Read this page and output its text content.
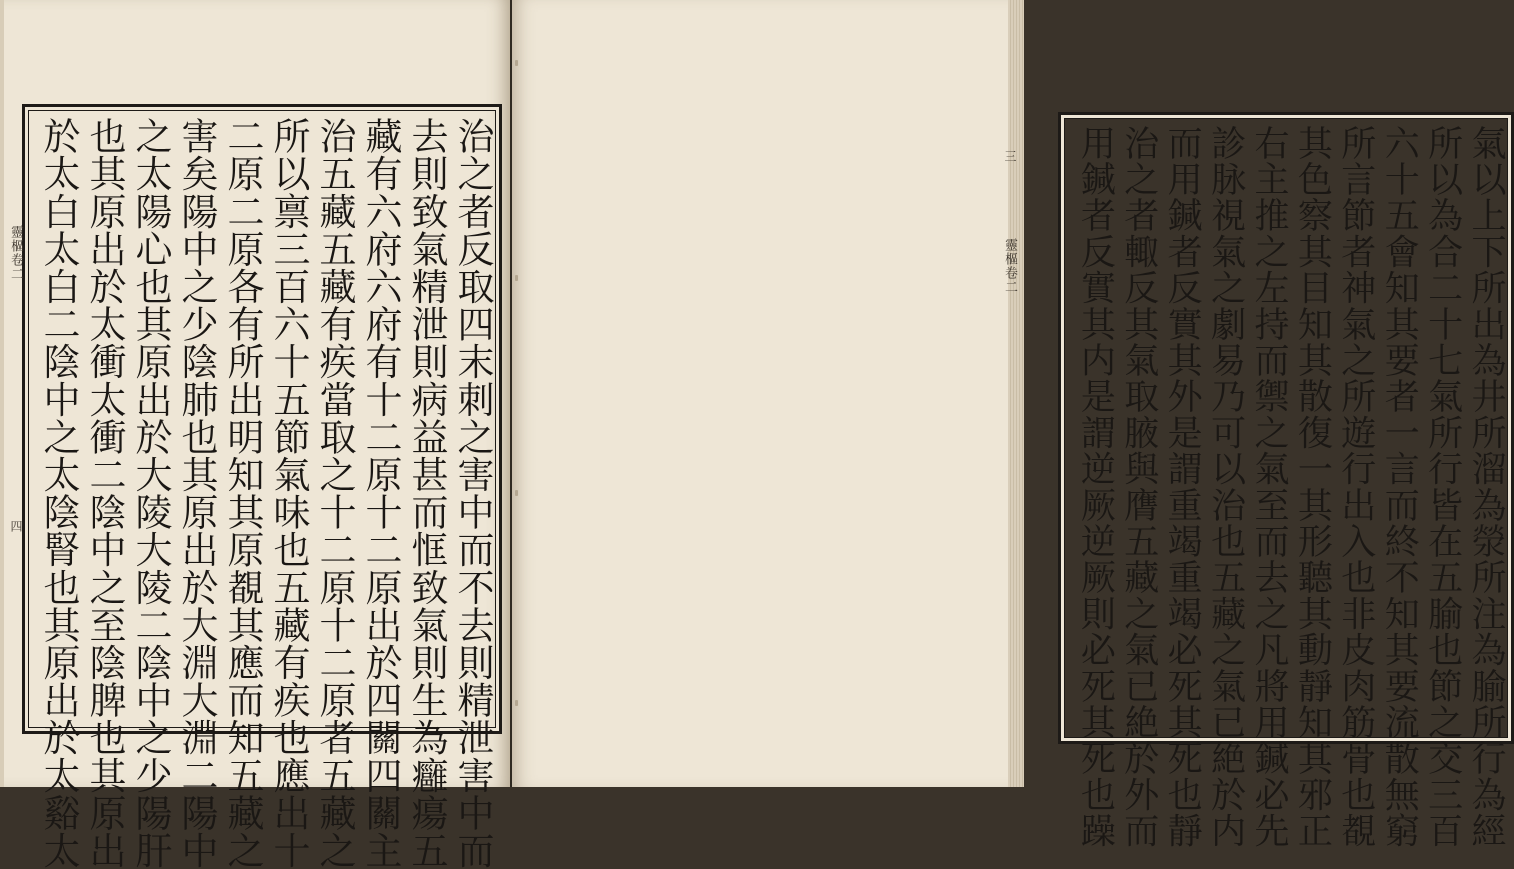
治之者反取四末刺之害中而不去則精泄害中而
去則致氣精泄則病益甚而恇致氣則生為癰瘍五
藏有六府六府有十二原十二原出於四關四關主
治五藏五藏有疾當取之十二原十二原者五藏之
所以禀三百六十五節氣味也五藏有疾也應出十
二原二原各有所出明知其原覩其應而知五藏之
害矣陽中之少陰肺也其原出於大淵大淵二陽中
之太陽心也其原出於大陵大陵二陰中之少陽肝
也其原出於太衝太衝二陰中之至陰脾也其原出
於太白太白二陰中之太陰腎也其原出於太谿太	氣以上下所出為井所溜為滎所注為腧所行為經
所以為合二十七氣所行皆在五腧也節之交三百
六十五會知其要者一言而終不知其要流散無窮
所言節者神氣之所遊行出入也非皮肉筋骨也覩
其色察其目知其散復一其形聽其動靜知其邪正
右主推之左持而禦之氣至而去之凡將用鍼必先
診脉視氣之劇易乃可以治也五藏之氣已絶於内
而用鍼者反實其外是謂重竭重竭必死其死也靜
治之者輙反其氣取腋與膺五藏之氣已絶於外而
用鍼者反實其内是謂逆厥逆厥則必死其死也躁
靈樞卷二
四
靈樞卷二
三
